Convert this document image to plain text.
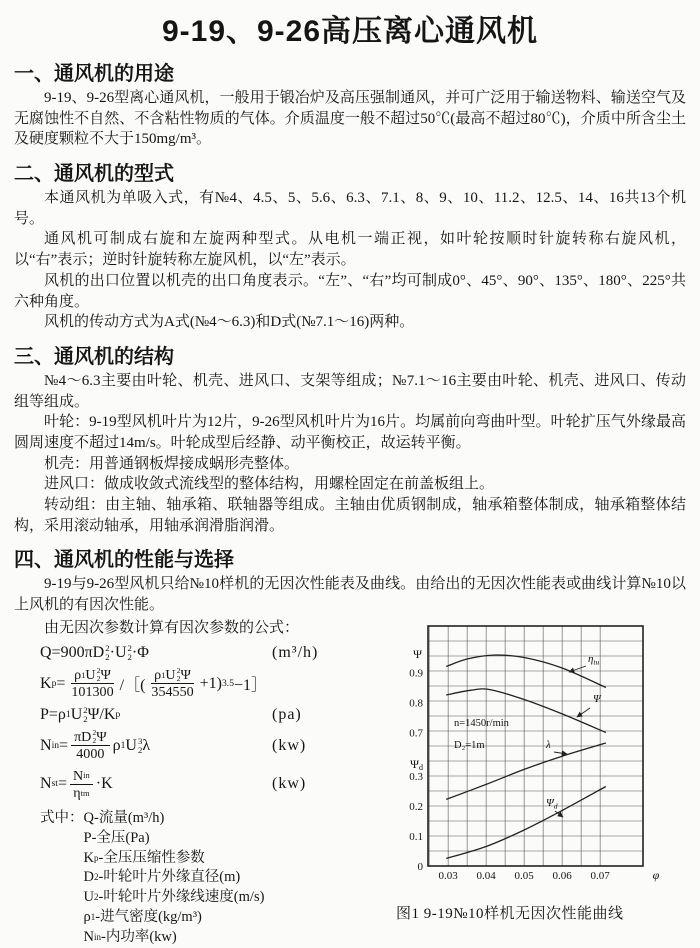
9-19、9-26高压离心通风机
一、通风机的用途

9-19、9-26型离心通风机，一般用于锻冶炉及高压强制通风，并可广泛用于输送物料、输送空气及无腐蚀性不自然、不含粘性物质的气体。介质温度一般不超过50℃(最高不超过80℃)，介质中所含尘土及硬度颗粒不大于150mg/m³。

二、通风机的型式

本通风机为单吸入式，有№4、4.5、5、5.6、6.3、7.1、8、9、10、11.2、12.5、14、16共13个机号。

通风机可制成右旋和左旋两种型式。从电机一端正视，如叶轮按顺时针旋转称右旋风机，以“右”表示；逆时针旋转称左旋风机，以“左”表示。

风机的出口位置以机壳的出口角度表示。“左”、“右”均可制成0°、45°、90°、135°、180°、225°共六种角度。

风机的传动方式为A式(№4～6.3)和D式(№7.1～16)两种。

三、通风机的结构

№4～6.3主要由叶轮、机壳、进风口、支架等组成；№7.1～16主要由叶轮、机壳、进风口、传动组等组成。

叶轮：9-19型风机叶片为12片，9-26型风机叶片为16片。均属前向弯曲叶型。叶轮扩压气外缘最高圆周速度不超过14m/s。叶轮成型后经静、动平衡校正，故运转平衡。

机壳：用普通钢板焊接成蜗形壳整体。

进风口：做成收敛式流线型的整体结构，用螺栓固定在前盖板组上。

转动组：由主轴、轴承箱、联轴器等组成。主轴由优质钢制成，轴承箱整体制成，轴承箱整体结构，采用滚动轴承，用轴承润滑脂润滑。

四、通风机的性能与选择

9-19与9-26型风机只给№10样机的无因次性能表及曲线。由给出的无因次性能表或曲线计算№10以上风机的有因次性能。

由无因次参数计算有因次参数的公式：

Q=900π D 2
2 · U 2
2 ·Φ	(m³/h)
K p = ρ 1 U 2
2 Ψ
101300 /［( ρ 1 U 2
2 Ψ
354550 +1) 3.5 −1］
P= ρ 1 U 2
2 Ψ/ K p	(pa)
N in = π D 2
2 Ψ
4000 ρ 1 U 3
2 λ	(kw)
N st = $\frac{\text{N in}}{\text{η tm}} \cdot K$	(kw)
式中： Q-流量(m³/h)
P-全压(Pa)
K p -全压压缩性参数
D 2 -叶轮叶片外缘直径(m)
U 2 -叶轮叶片外缘线速度(m/s)
ρ 1 -进气密度(kg/m³)
N in -内功率(kw)
0.03 0.04 0.05 0.06 0.07	φ
Ψ
0.9
0.8
0.7
Ψd
0.3
0.2
0.1
0
n=1450r/min
D₂=1m
$\eta_{tu}$
Ψ
λ
$\Psi_d$
图1 9-19№10样机无因次性能曲线
